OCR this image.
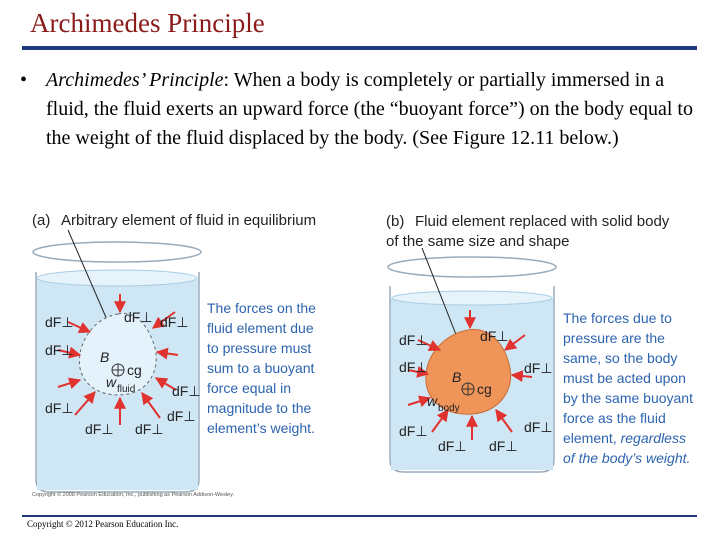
Archimedes Principle
• Archimedes’ Principle: When a body is completely or partially immersed in a fluid, the fluid exerts an upward force (the “buoyant force”) on the body equal to the weight of the fluid displaced by the body. (See Figure 12.11 below.)
(a) Arbitrary element of fluid in equilibrium
dF⊥	dF⊥ dF⊥
dF⊥
dF⊥
dF⊥	dF⊥
dF⊥ dF⊥
B
cg
w fluid
The forces on the
fluid element due
to pressure must
sum to a buoyant
force equal in
magnitude to the
element’s weight.
(b) Fluid element replaced with solid body
of the same size and shape
dF⊥	dF⊥
dF⊥	dF⊥
dF⊥	dF⊥
dF⊥ dF⊥
B
cg
w body
The forces due to
pressure are the
same, so the body
must be acted upon
by the same buoyant
force as the fluid
element, regardless
of the body’s weight.
Copyright © 2008 Pearson Education, Inc., publishing as Pearson Addison-Wesley.
Copyright © 2012 Pearson Education Inc.
